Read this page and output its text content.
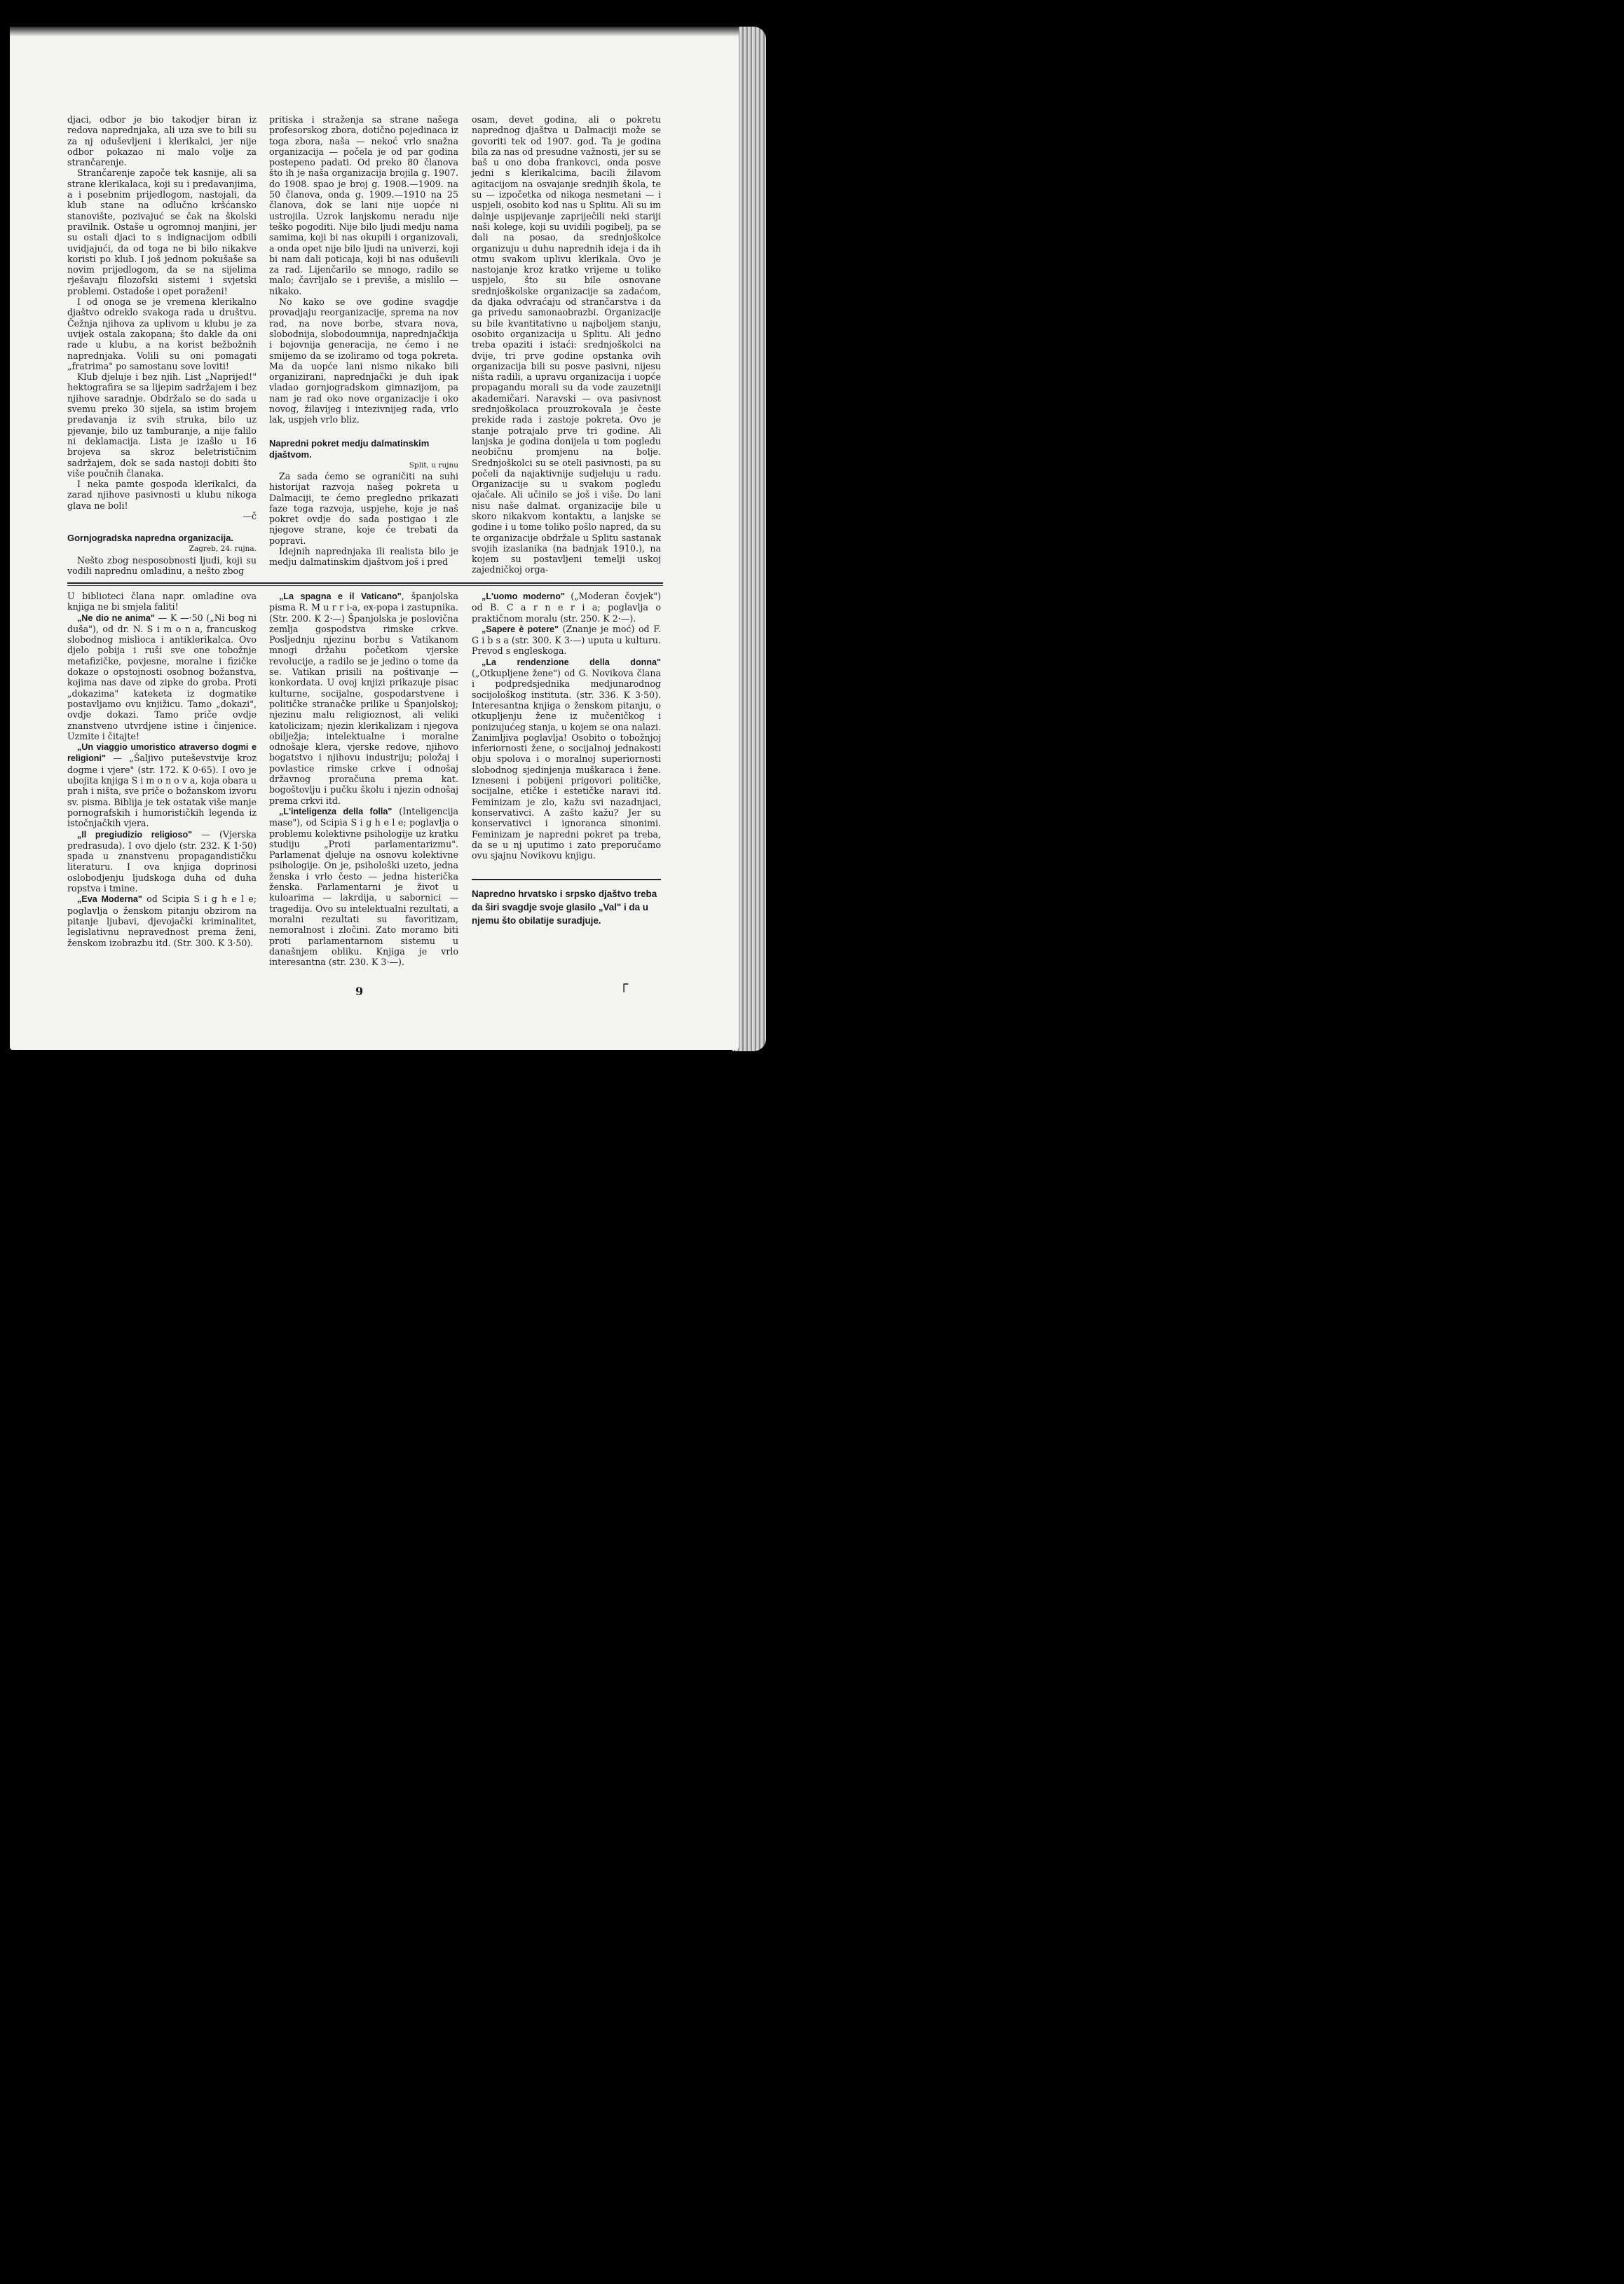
djaci, odbor je bio takodjer biran iz redova naprednjaka, ali uza sve to bili su za nj oduševljeni i klerikalci, jer nije odbor pokazao ni malo volje za strančarenje.

Strančarenje započe tek kasnije, ali sa strane klerikalaca, koji su i predavanjima, a i posebnim prijedlogom, nastojali, da klub stane na odlučno kršćansko stanovište, pozivajuć se čak na školski pravilnik. Ostaše u ogromnoj manjini, jer su ostali djaci to s indignacijom odbili uvidjajući, da od toga ne bi bilo nikakve koristi po klub. I još jednom pokušaše sa novim prijedlogom, da se na sijelima rješavaju filozofski sistemi i svjetski problemi. Ostadoše i opet poraženi!

I od onoga se je vremena klerikalno djaštvo odreklo svakoga rada u društvu. Čežnja njihova za uplivom u klubu je za uvijek ostala zakopana; što dakle da oni rade u klubu, a na korist bežbožnih naprednjaka. Volili su oni pomagati „fratrima" po samostanu sove loviti!

Klub djeluje i bez njih. List „Naprijed!" hektografira se sa lijepim sadržajem i bez njihove saradnje. Obdržalo se do sada u svemu preko 30 sijela, sa istim brojem predavanja iz svih struka, bilo uz pjevanje, bilo uz tamburanje, a nije falilo ni deklamacija. Lista je izašlo u 16 brojeva sa skroz beletrističnim sadržajem, dok se sada nastoji dobiti što više poučnih članaka.

I neka pamte gospoda klerikalci, da zarad njihove pasivnosti u klubu nikoga glava ne boli!

—č

Gornjogradska napredna organizacija.

Zagreb, 24. rujna.

Nešto zbog nesposobnosti ljudi, koji su vodili naprednu omladinu, a nešto zbog

pritiska i straženja sa strane našega profesorskog zbora, dotično pojedinaca iz toga zbora, naša — nekoć vrlo snažna organizacija — počela je od par godina postepeno padati. Od preko 80 članova što ih je naša organizacija brojila g. 1907. do 1908. spao je broj g. 1908.—1909. na 50 članova, onda g. 1909.—1910 na 25 članova, dok se lani nije uopće ni ustrojila. Uzrok lanjskomu neradu nije teško pogoditi. Nije bilo ljudi medju nama samima, koji bi nas okupili i organizovali, a onda opet nije bilo ljudi na univerzi, koji bi nam dali poticaja, koji bi nas oduševili za rad. Lijenčarilo se mnogo, radilo se malo; čavrljalo se i previše, a mislilo — nikako.

No kako se ove godine svagdje provadjaju reorganizacije, sprema na nov rad, na nove borbe, stvara nova, slobodnija, slobodoumnija, naprednjačkija i bojovnija generacija, ne ćemo i ne smijemo da se izoliramo od toga pokreta. Ma da uopće lani nismo nikako bili organizirani, naprednjački je duh ipak vladao gornjogradskom gimnazijom, pa nam je rad oko nove organizacije i oko novog, žilavijeg i intezivnijeg rada, vrlo lak, uspjeh vrlo bliz.

Napredni pokret medju dalmatinskim djaštvom.

Split, u rujnu

Za sada ćemo se ograničiti na suhi historijat razvoja našeg pokreta u Dalmaciji, te ćemo pregledno prikazati faze toga razvoja, uspjehe, koje je naš pokret ovdje do sada postigao i zle njegove strane, koje će trebati da popravi.

Idejnih naprednjaka ili realista bilo je medju dalmatinskim djaštvom još i pred

osam, devet godina, ali o pokretu naprednog djaštva u Dalmaciji može se govoriti tek od 1907. god. Ta je godina bila za nas od presudne važnosti, jer su se baš u ono doba frankovci, onda posve jedni s klerikalcima, bacili žilavom agitacijom na osvajanje srednjih škola, te su — izpočetka od nikoga nesmetani — i uspjeli, osobito kod nas u Splitu. Ali su im dalnje uspijevanje zapriječili neki stariji naši kolege, koji su uvidili pogibelj, pa se dali na posao, da srednjoškolce organizuju u duhu naprednih ideja i da ih otmu svakom uplivu klerikala. Ovo je nastojanje kroz kratko vrijeme u toliko uspjelo, što su bile osnovane srednjoškolske organizacije sa zadaćom, da djaka odvraćaju od strančarstva i da ga privedu samonaobrazbi. Organizacije su bile kvantitativno u najboljem stanju, osobito organizacija u Splitu. Ali jedno treba opaziti i istaći: srednjoškolci na dvije, tri prve godine opstanka ovih organizacija bili su posve pasivni, nijesu ništa radili, a upravu organizacija i uopće propagandu morali su da vode zauzetniji akademičari. Naravski — ova pasivnost srednjoškolaca prouzrokovala je česte prekide rada i zastoje pokreta. Ovo je stanje potrajalo prve tri godine. Ali lanjska je godina donijela u tom pogledu neobičnu promjenu na bolje. Srednjoškolci su se oteli pasivnosti, pa su počeli da najaktivnije sudjeluju u radu. Organizacije su u svakom pogledu ojačale. Ali učinilo se još i više. Do lani nisu naše dalmat. organizacije bile u skoro nikakvom kontaktu, a lanjske se godine i u tome toliko pošlo napred, da su te organizacije obdržale u Splitu sastanak svojih izaslanika (na badnjak 1910.), na kojem su postavljeni temelji uskoj zajedničkoj orga-

U biblioteci člana napr. omladine ova knjiga ne bi smjela faliti!

„Ne dio ne anima" — K —·50 („Ni bog ni duša"), od dr. N. S i m o n a, francuskog slobodnog mislioca i antiklerikalca. Ovo djelo pobija i ruši sve one tobožnje metafizičke, povjesne, moralne i fizičke dokaze o opstojnosti osobnog božanstva, kojima nas dave od zipke do groba. Proti „dokazima" kateketa iz dogmatike postavljamo ovu knjižicu. Tamo „dokazi", ovdje dokazi. Tamo priče ovdje znanstveno utvrdjene istine i činjenice. Uzmite i čitajte!

„Un viaggio umoristico atraverso dogmi e religioni" — „Šaljivo puteševstvije kroz dogme i vjere" (str. 172. K 0·65). I ovo je ubojita knjiga S i m o n o v a, koja obara u prah i ništa, sve priče o božanskom izvoru sv. pisma. Biblija je tek ostatak više manje pornografskih i humorističkih legenda iz istočnjačkih vjera.

„Il pregiudizio religioso" — (Vjerska predrasuda). I ovo djelo (str. 232. K 1·50) spada u znanstvenu propagandističku literaturu. I ova knjiga doprinosi oslobodjenju ljudskoga duha od duha ropstva i tmine.

„Eva Moderna" od Scipia S i g h e l e; poglavlja o ženskom pitanju obzirom na pitanje ljubavi, djevojački kriminalitet, legislativnu nepravednost prema ženi, ženskom izobrazbu itd. (Str. 300. K 3·50).

„La spagna e il Vaticano", španjolska pisma R. M u r r i-a, ex-popa i zastupnika. (Str. 200. K 2·—) Španjolska je poslovična zemlja gospodstva rimske crkve. Posljednju njezinu borbu s Vatikanom mnogi držahu početkom vjerske revolucije, a radilo se je jedino o tome da se. Vatikan prisili na poštivanje — konkordata. U ovoj knjizi prikazuje pisac kulturne, socijalne, gospodarstvene i političke stranačke prilike u Španjolskoj; njezinu malu religioznost, ali veliki katolicizam; njezin klerikalizam i njegova obilježja; intelektualne i moralne odnošaje klera, vjerske redove, njihovo bogatstvo i njihovu industriju; položaj i povlastice rimske crkve i odnošaj državnog proračuna prema kat. bogoštovlju i pučku školu i njezin odnošaj prema crkvi itd.

„L'inteligenza della folla" (Inteligencija mase"), od Scipia S i g h e l e; poglavlja o problemu kolektivne psihologije uz kratku studiju „Proti parlamentarizmu". Parlamenat djeluje na osnovu kolektivne psihologije. On je, psihološki uzeto, jedna ženska i vrlo često — jedna histerička ženska. Parlamentarni je život u kuloarima — lakrdija, u sabornici — tragedija. Ovo su intelektualni rezultati, a moralni rezultati su favoritizam, nemoralnost i zločini. Zato moramo biti proti parlamentarnom sistemu u današnjem obliku. Knjiga je vrlo interesantna (str. 230. K 3·—).

„L'uomo moderno" („Moderan čovjek") od B. C a r n e r i a; poglavlja o praktičnom moralu (str. 250. K 2·—).

„Sapere è potere" (Znanje je moć) od F. G i b s a (str. 300. K 3·—) uputa u kulturu. Prevod s engleskoga.

„La rendenzione della donna" („Otkupljene žene") od G. Novikova člana i podpredsjednika medjunarodnog socijološkog instituta. (str. 336. K 3·50). Interesantna knjiga o ženskom pitanju, o otkupljenju žene iz mučeničkog i ponizujućeg stanja, u kojem se ona nalazi. Zanimljiva poglavlja! Osobito o tobožnjoj inferiornosti žene, o socijalnoj jednakosti obju spolova i o moralnoj superiornosti slobodnog sjedinjenja muškaraca i žene. Izneseni i pobijeni prigovori političke, socijalne, etičke i estetičke naravi itd. Feminizam je zlo, kažu svi nazadnjaci, konservativci. A zašto kažu? Jer su konservativci i ignoranca sinonimi. Feminizam je napredni pokret pa treba, da se u nj uputimo i zato preporučamo ovu sjajnu Novikovu knjigu.

Napredno hrvatsko i srpsko djaštvo treba da širi svagdje svoje glasilo „Val" i da u njemu što obilatije suradjuje.
9	┌
